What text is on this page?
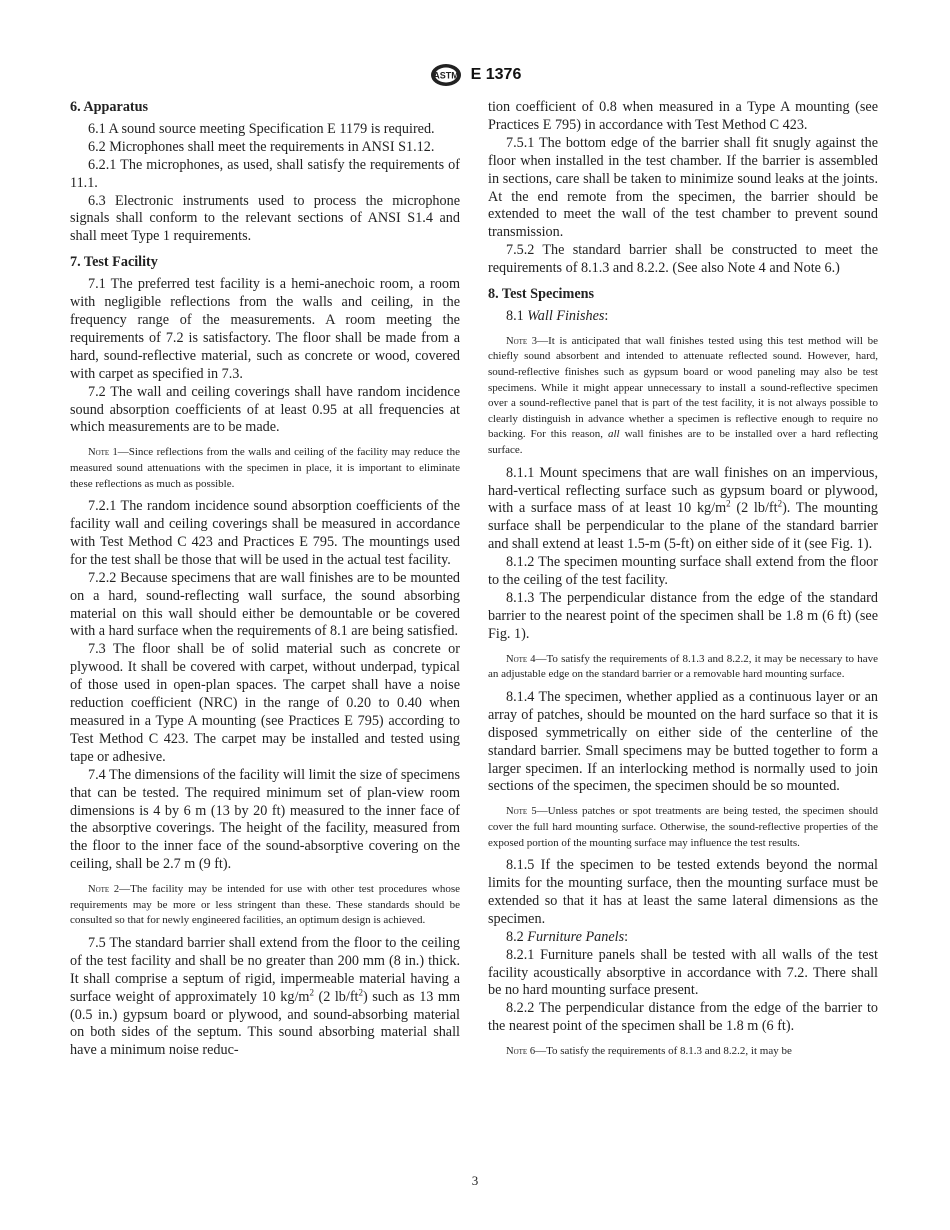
ASTM E 1376
6. Apparatus

6.1 A sound source meeting Specification E 1179 is required.

6.2 Microphones shall meet the requirements in ANSI S1.12.

6.2.1 The microphones, as used, shall satisfy the requirements of 11.1.

6.3 Electronic instruments used to process the microphone signals shall conform to the relevant sections of ANSI S1.4 and shall meet Type 1 requirements.

7. Test Facility

7.1 The preferred test facility is a hemi-anechoic room, a room with negligible reflections from the walls and ceiling, in the frequency range of the measurements. A room meeting the requirements of 7.2 is satisfactory. The floor shall be made from a hard, sound-reflective material, such as concrete or wood, covered with carpet as specified in 7.3.

7.2 The wall and ceiling coverings shall have random incidence sound absorption coefficients of at least 0.95 at all frequencies at which measurements are to be made.

Note 1—Since reflections from the walls and ceiling of the facility may reduce the measured sound attenuations with the specimen in place, it is important to eliminate these reflections as much as possible.

7.2.1 The random incidence sound absorption coefficients of the facility wall and ceiling coverings shall be measured in accordance with Test Method C 423 and Practices E 795. The mountings used for the test shall be those that will be used in the actual test facility.

7.2.2 Because specimens that are wall finishes are to be mounted on a hard, sound-reflecting wall surface, the sound absorbing material on this wall should either be demountable or be covered with a hard surface when the requirements of 8.1 are being satisfied.

7.3 The floor shall be of solid material such as concrete or plywood. It shall be covered with carpet, without underpad, typical of those used in open-plan spaces. The carpet shall have a noise reduction coefficient (NRC) in the range of 0.20 to 0.40 when measured in a Type A mounting (see Practices E 795) according to Test Method C 423. The carpet may be installed and tested using tape or adhesive.

7.4 The dimensions of the facility will limit the size of specimens that can be tested. The required minimum set of plan-view room dimensions is 4 by 6 m (13 by 20 ft) measured to the inner face of the absorptive coverings. The height of the facility, measured from the floor to the inner face of the sound-absorptive covering on the ceiling, shall be 2.7 m (9 ft).

Note 2—The facility may be intended for use with other test procedures whose requirements may be more or less stringent than these. These standards should be consulted so that for newly engineered facilities, an optimum design is achieved.

7.5 The standard barrier shall extend from the floor to the ceiling of the test facility and shall be no greater than 200 mm (8 in.) thick. It shall comprise a septum of rigid, impermeable material having a surface weight of approximately 10 $kg/m^2$ (2 $lb/ft^2$) such as 13 mm (0.5 in.) gypsum board or plywood, and sound-absorbing material on both sides of the septum. This sound absorbing material shall have a minimum noise reduc-

tion coefficient of 0.8 when measured in a Type A mounting (see Practices E 795) in accordance with Test Method C 423.

7.5.1 The bottom edge of the barrier shall fit snugly against the floor when installed in the test chamber. If the barrier is assembled in sections, care shall be taken to minimize sound leaks at the joints. At the end remote from the specimen, the barrier should be extended to meet the wall of the test chamber to prevent sound transmission.

7.5.2 The standard barrier shall be constructed to meet the requirements of 8.1.3 and 8.2.2. (See also Note 4 and Note 6.)

8. Test Specimens

8.1 Wall Finishes:

Note 3—It is anticipated that wall finishes tested using this test method will be chiefly sound absorbent and intended to attenuate reflected sound. However, hard, sound-reflective finishes such as gypsum board or wood paneling may also be test specimens. While it might appear unnecessary to install a sound-reflective specimen over a sound-reflective panel that is part of the test facility, it is not always possible to clearly distinguish in advance whether a specimen is reflective enough to require no backing. For this reason, all wall finishes are to be installed over a hard reflecting surface.

8.1.1 Mount specimens that are wall finishes on an impervious, hard-vertical reflecting surface such as gypsum board or plywood, with a surface mass of at least 10 $kg/m^2$ (2 $lb/ft^2$). The mounting surface shall be perpendicular to the plane of the standard barrier and shall extend at least 1.5-m (5-ft) on either side of it (see Fig. 1).

8.1.2 The specimen mounting surface shall extend from the floor to the ceiling of the test facility.

8.1.3 The perpendicular distance from the edge of the standard barrier to the nearest point of the specimen shall be 1.8 m (6 ft) (see Fig. 1).

Note 4—To satisfy the requirements of 8.1.3 and 8.2.2, it may be necessary to have an adjustable edge on the standard barrier or a removable hard mounting surface.

8.1.4 The specimen, whether applied as a continuous layer or an array of patches, should be mounted on the hard surface so that it is disposed symmetrically on either side of the centerline of the standard barrier. Small specimens may be butted together to form a larger specimen. If an interlocking method is normally used to join sections of the specimen, the specimen should be so mounted.

Note 5—Unless patches or spot treatments are being tested, the specimen should cover the full hard mounting surface. Otherwise, the sound-reflective properties of the exposed portion of the mounting surface may influence the test results.

8.1.5 If the specimen to be tested extends beyond the normal limits for the mounting surface, then the mounting surface must be extended so that it has at least the same lateral dimensions as the specimen.

8.2 Furniture Panels:

8.2.1 Furniture panels shall be tested with all walls of the test facility acoustically absorptive in accordance with 7.2. There shall be no hard mounting surface present.

8.2.2 The perpendicular distance from the edge of the barrier to the nearest point of the specimen shall be 1.8 m (6 ft).

Note 6—To satisfy the requirements of 8.1.3 and 8.2.2, it may be
3
